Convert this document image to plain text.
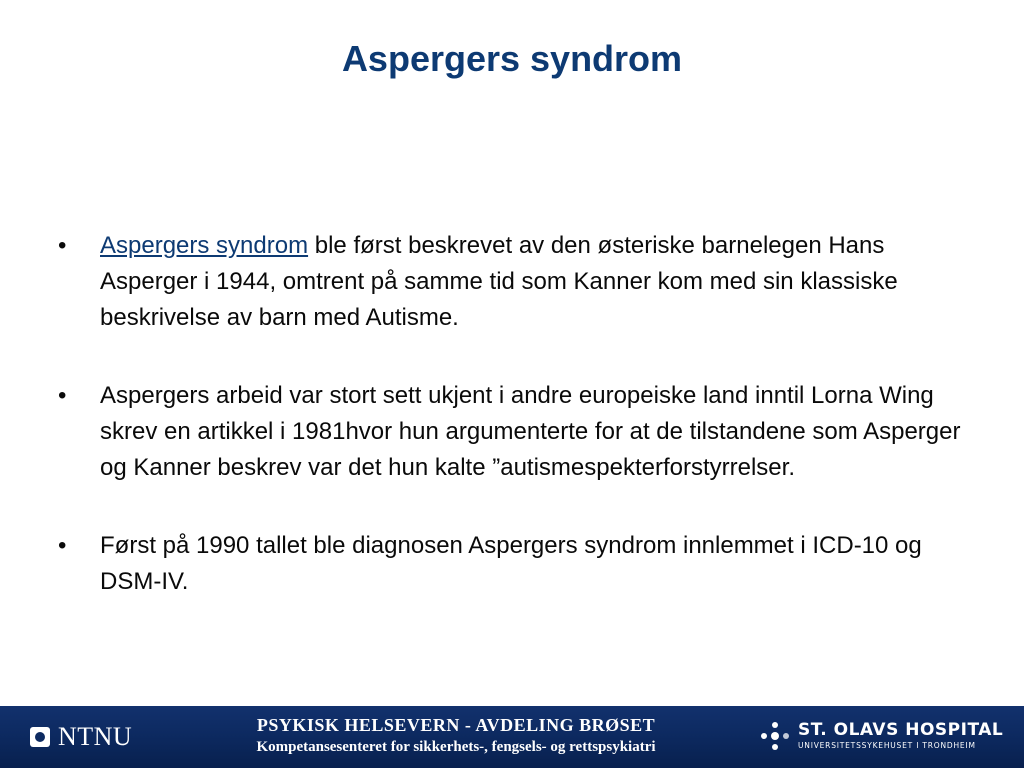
Aspergers syndrom
•	Aspergers syndrom ble først beskrevet av den østeriske barnelegen Hans Asperger i 1944, omtrent på samme tid som Kanner kom med sin klassiske beskrivelse av barn med Autisme.
•	Aspergers arbeid var stort sett ukjent i andre europeiske land inntil Lorna Wing skrev en artikkel i 1981hvor hun argumenterte for at de tilstandene som Asperger og Kanner beskrev var det hun kalte ”autismespekterforstyrrelser.
•	Først på 1990 tallet ble diagnosen Aspergers syndrom innlemmet i ICD-10 og DSM-IV.
NTNU	PSYKISK HELSEVERN - AVDELING BRØSET
Kompetansesenteret for sikkerhets-, fengsels- og rettspsykiatri
ST. OLAVS HOSPITAL
UNIVERSITETSSYKEHUSET I TRONDHEIM
